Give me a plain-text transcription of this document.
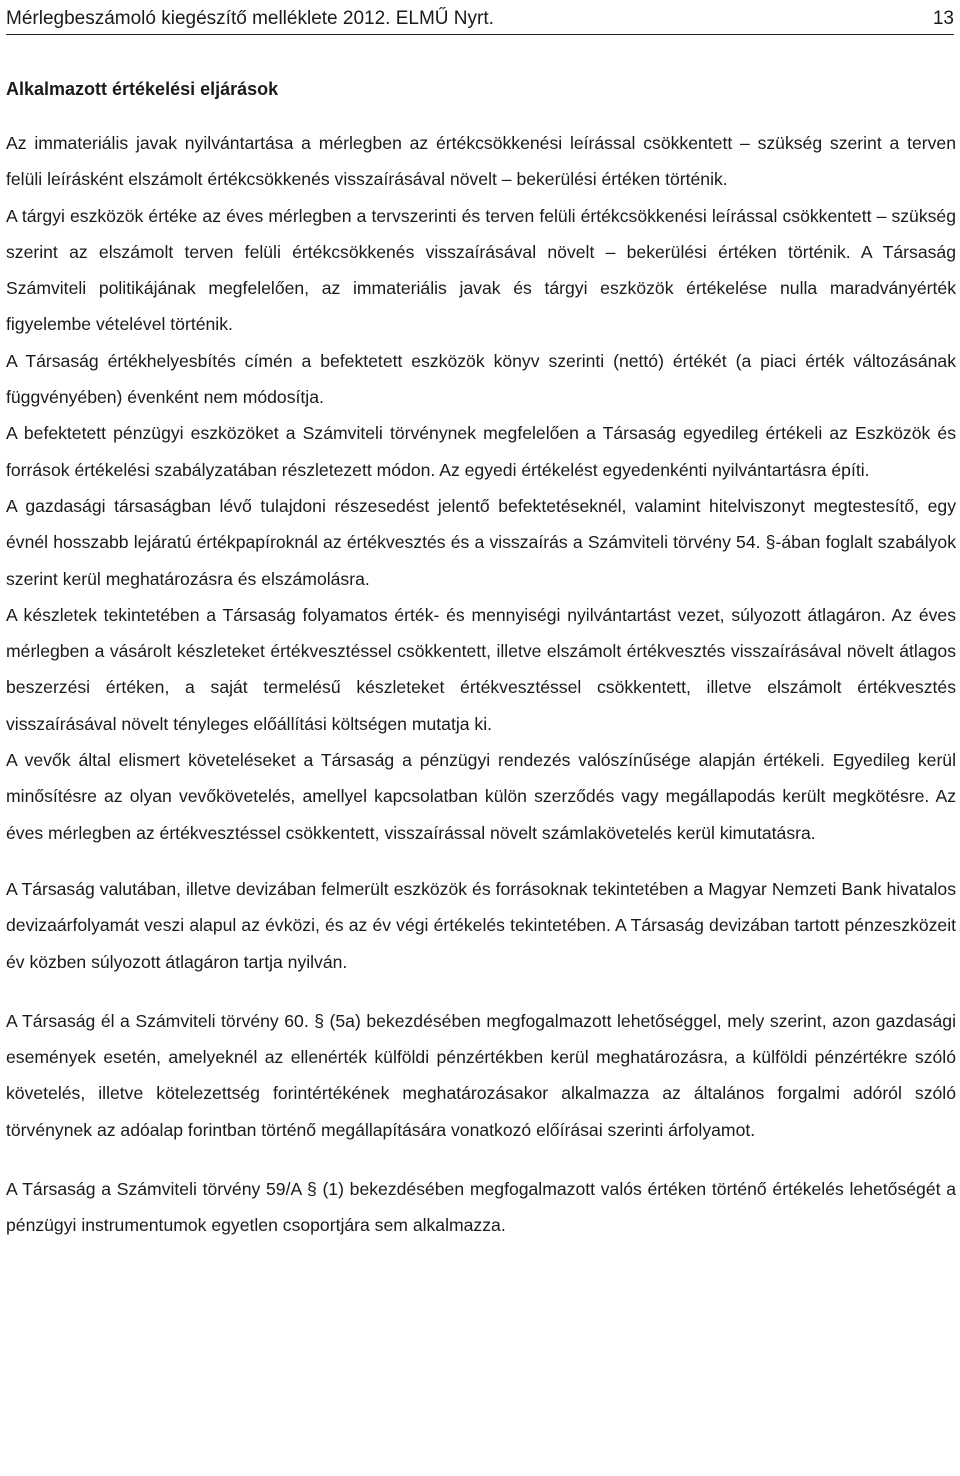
Mérlegbeszámoló kiegészítő melléklete 2012. ELMŰ Nyrt.	13

Alkalmazott értékelési eljárások

Az immateriális javak nyilvántartása a mérlegben az értékcsökkenési leírással csökkentett – szükség szerint a terven felüli leírásként elszámolt értékcsökkenés visszaírásával növelt – bekerülési értéken történik.

A tárgyi eszközök értéke az éves mérlegben a tervszerinti és terven felüli értékcsökkenési leírással csökkentett – szükség szerint az elszámolt terven felüli értékcsökkenés visszaírásával növelt – bekerülési értéken történik. A Társaság Számviteli politikájának megfelelően, az immateriális javak és tárgyi eszközök értékelése nulla maradványérték figyelembe vételével történik.

A Társaság értékhelyesbítés címén a befektetett eszközök könyv szerinti (nettó) értékét (a piaci érték változásának függvényében) évenként nem módosítja.

A befektetett pénzügyi eszközöket a Számviteli törvénynek megfelelően a Társaság egyedileg értékeli az Eszközök és források értékelési szabályzatában részletezett módon. Az egyedi értékelést egyedenkénti nyilvántartásra építi.

A gazdasági társaságban lévő tulajdoni részesedést jelentő befektetéseknél, valamint hitelviszonyt megtestesítő, egy évnél hosszabb lejáratú értékpapíroknál az értékvesztés és a visszaírás a Számviteli törvény 54. §-ában foglalt szabályok szerint kerül meghatározásra és elszámolásra.

A készletek tekintetében a Társaság folyamatos érték- és mennyiségi nyilvántartást vezet, súlyozott átlagáron. Az éves mérlegben a vásárolt készleteket értékvesztéssel csökkentett, illetve elszámolt értékvesztés visszaírásával növelt átlagos beszerzési értéken, a saját termelésű készleteket értékvesztéssel csökkentett, illetve elszámolt értékvesztés visszaírásával növelt tényleges előállítási költségen mutatja ki.

A vevők által elismert követeléseket a Társaság a pénzügyi rendezés valószínűsége alapján értékeli. Egyedileg kerül minősítésre az olyan vevőkövetelés, amellyel kapcsolatban külön szerződés vagy megállapodás került megkötésre. Az éves mérlegben az értékvesztéssel csökkentett, visszaírással növelt számlakövetelés kerül kimutatásra.

A Társaság valutában, illetve devizában felmerült eszközök és forrásoknak tekintetében a Magyar Nemzeti Bank hivatalos devizaárfolyamát veszi alapul az évközi, és az év végi értékelés tekintetében. A Társaság devizában tartott pénzeszközeit év közben súlyozott átlagáron tartja nyilván.

A Társaság él a Számviteli törvény 60. § (5a) bekezdésében megfogalmazott lehetőséggel, mely szerint, azon gazdasági események esetén, amelyeknél az ellenérték külföldi pénzértékben kerül meghatározásra, a külföldi pénzértékre szóló követelés, illetve kötelezettség forintértékének meghatározásakor alkalmazza az általános forgalmi adóról szóló törvénynek az adóalap forintban történő megállapítására vonatkozó előírásai szerinti árfolyamot.

A Társaság a Számviteli törvény 59/A § (1) bekezdésében megfogalmazott valós értéken történő értékelés lehetőségét a pénzügyi instrumentumok egyetlen csoportjára sem alkalmazza.
